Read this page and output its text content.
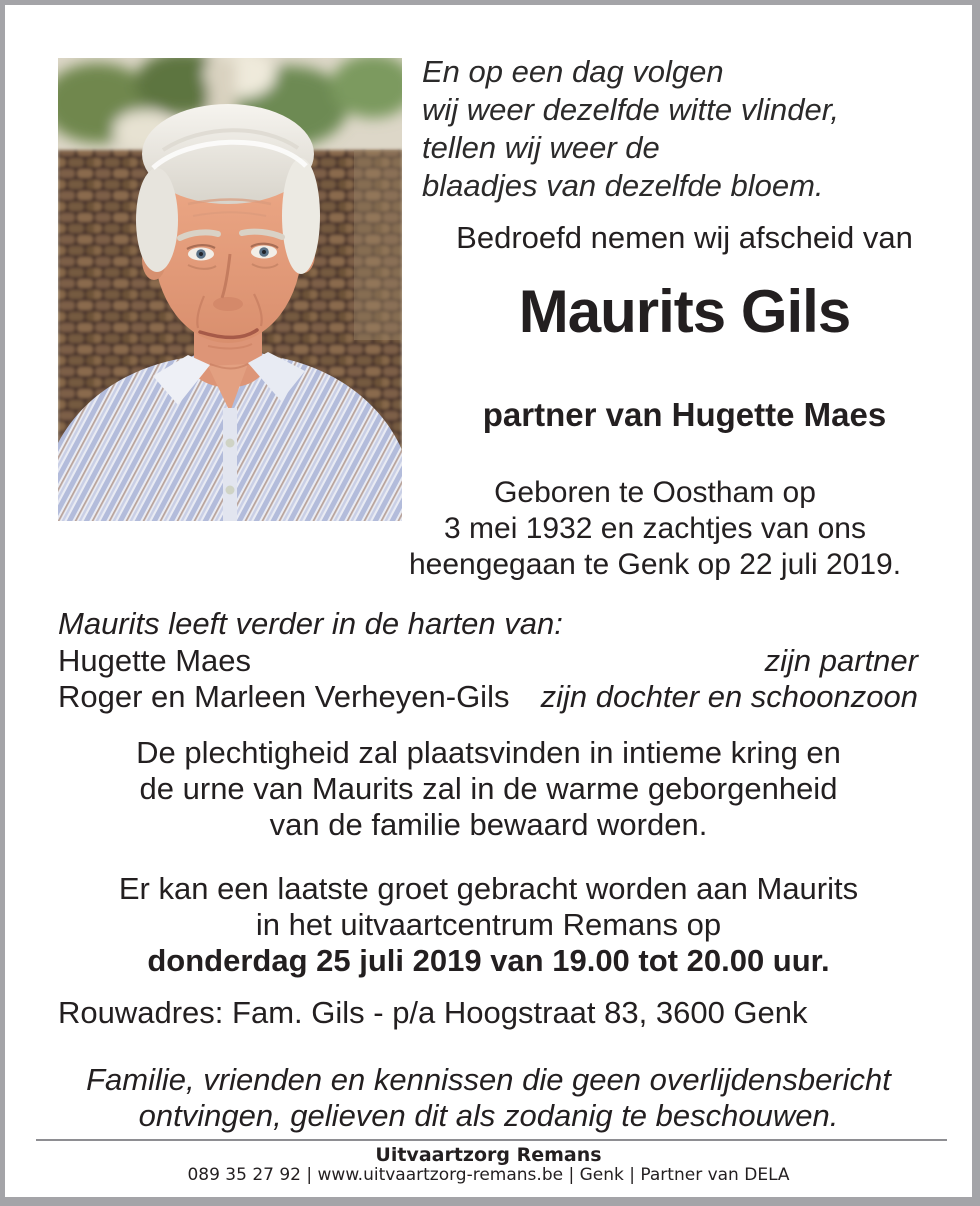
En op een dag volgen
wij weer dezelfde witte vlinder,
tellen wij weer de
blaadjes van dezelfde bloem.
Bedroefd nemen wij afscheid van
Maurits Gils
partner van Hugette Maes
Geboren te Oostham op
3 mei 1932 en zachtjes van ons
heengegaan te Genk op 22 juli 2019.
Maurits leeft verder in de harten van:
Hugette Maes	zijn partner
Roger en Marleen Verheyen-Gils zijn dochter en schoonzoon
De plechtigheid zal plaatsvinden in intieme kring en
de urne van Maurits zal in de warme geborgenheid
van de familie bewaard worden.
Er kan een laatste groet gebracht worden aan Maurits
in het uitvaartcentrum Remans op
donderdag 25 juli 2019 van 19.00 tot 20.00 uur.
Rouwadres: Fam. Gils - p/a Hoogstraat 83, 3600 Genk
Familie, vrienden en kennissen die geen overlijdensbericht
ontvingen, gelieven dit als zodanig te beschouwen.
Uitvaartzorg Remans
089 35 27 92 | www.uitvaartzorg-remans.be | Genk | Partner van DELA
